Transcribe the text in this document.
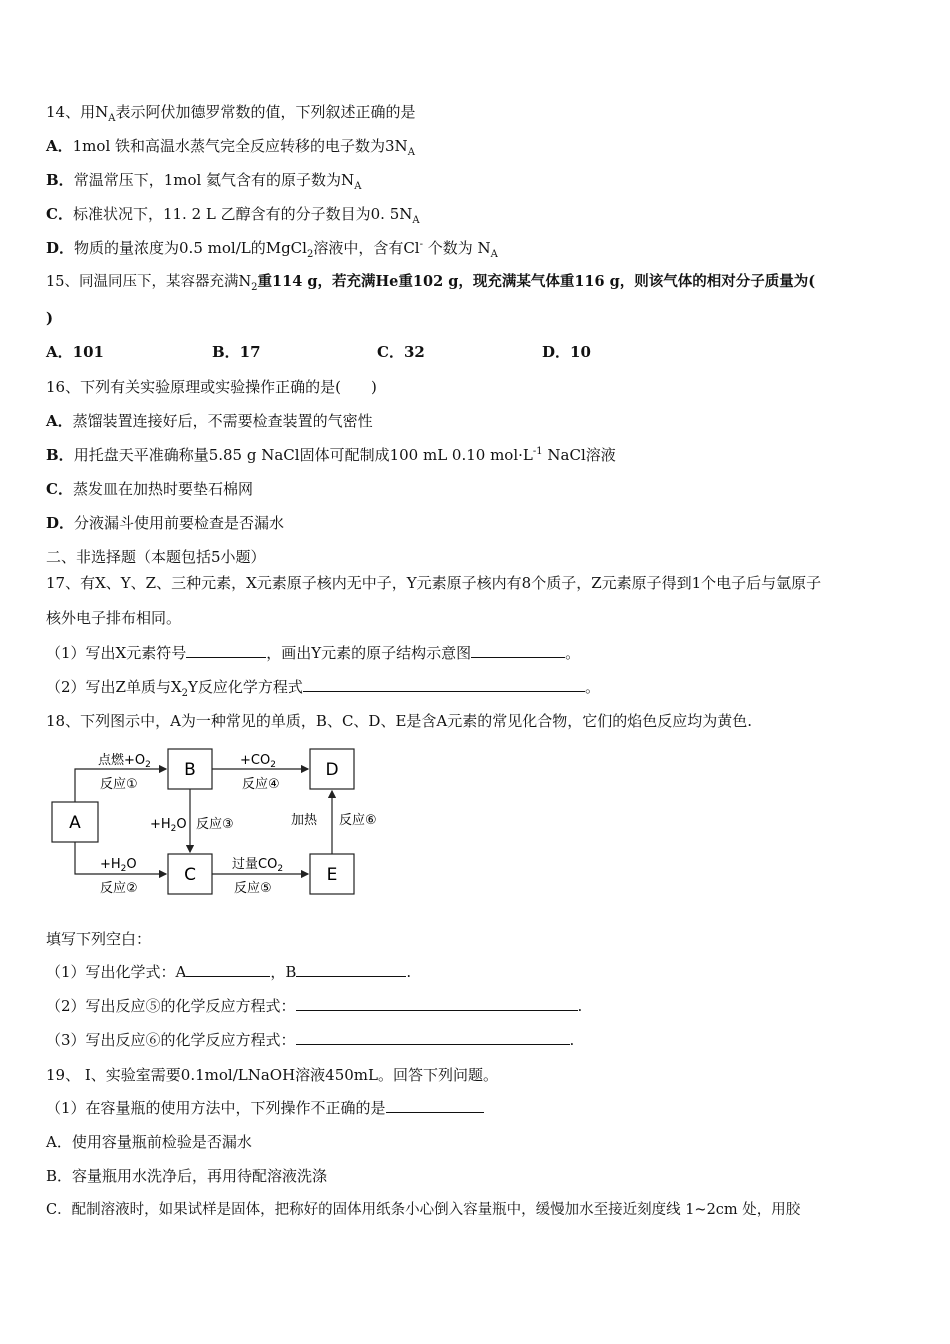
14、用$N_A$表示阿伏加德罗常数的值，下列叙述正确的是
A．1mol 铁和高温水蒸气完全反应转移的电子数为$3N_A$
B．常温常压下，1mol 氦气含有的原子数为$N_A$
C．标准状况下，11. 2 L 乙醇含有的分子数目为0. $5N_A$
D．物质的量浓度为0.5 mol/L的MgCl$_2$溶液中，含有Cl- 个数为 $N_A$
15、同温同压下，某容器充满$N_2$重114 g，若充满He重102 g，现充满某气体重116 g，则该气体的相对分子质量为(
)
A．101	B．17	C．32	D．10
16、下列有关实验原理或实验操作正确的是(　　)
A．蒸馏装置连接好后，不需要检查装置的气密性
B．用托盘天平准确称量5.85 g NaCl固体可配制成100 mL 0.10 $mol\cdot L^{-1}$ NaCl溶液
C．蒸发皿在加热时要垫石棉网
D．分液漏斗使用前要检查是否漏水
二、非选择题（本题包括5小题）
17、有X、Y、Z、三种元素，X元素原子核内无中子，Y元素原子核内有8个质子，Z元素原子得到1个电子后与氩原子
核外电子排布相同。
（1）写出X元素符号	，画出Y元素的原子结构示意图	。
（2）写出Z单质与$X_2Y$反应化学方程式	。
18、下列图示中，A为一种常见的单质，B、C、D、E是含A元素的常见化合物，它们的焰色反应均为黄色.
A
B
C
D
E
点燃$+O_2$
反应①
$+CO_2$
反应④
$+H_2O$ 反应③	加热 反应⑥
$+H_2O$
反应②
过量$CO_2$
反应⑤
填写下列空白：
（1）写出化学式：A	，B	.
（2）写出反应⑤的化学反应方程式：	.
（3）写出反应⑥的化学反应方程式：	.
19、 Ⅰ、实验室需要0.1mol/LNaOH溶液450mL。回答下列问题。
（1）在容量瓶的使用方法中，下列操作不正确的是
A．使用容量瓶前检验是否漏水
B．容量瓶用水洗净后，再用待配溶液洗涤
C．配制溶液时，如果试样是固体，把称好的固体用纸条小心倒入容量瓶中，缓慢加水至接近刻度线 1~2cm 处，用胶
